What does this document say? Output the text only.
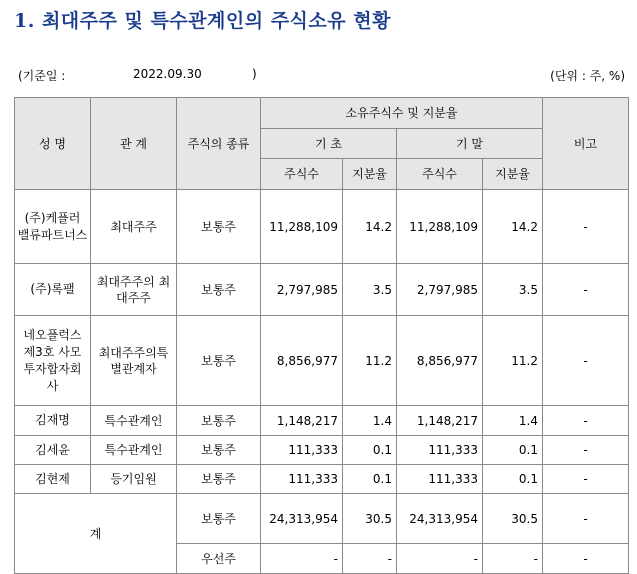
1. 최대주주 및 특수관계인의 주식소유 현황
(기준일 :	2022.09.30	)	(단위 : 주, %)
성 명	관 계	주식의 종류	소유주식수 및 지분율				비고
			기 초		기 말		
			주식수	지분율	주식수	지분율	
(주)케플러 밸류파트너스	최대주주	보통주	11,288,109	14.2	11,288,109	14.2	-
(주)록팰	최대주주의 최대주주	보통주	2,797,985	3.5	2,797,985	3.5	-
네오플럭스 제3호 사모 투자합자회 사	최대주주의특 별관계자	보통주	8,856,977	11.2	8,856,977	11.2	-
김재명	특수관계인	보통주	1,148,217	1.4	1,148,217	1.4	-
김세윤	특수관계인	보통주	111,333	0.1	111,333	0.1	-
김현제	등기임원	보통주	111,333	0.1	111,333	0.1	-
계		보통주	24,313,954	30.5	24,313,954	30.5	-
		우선주	-	-	-	-	-
